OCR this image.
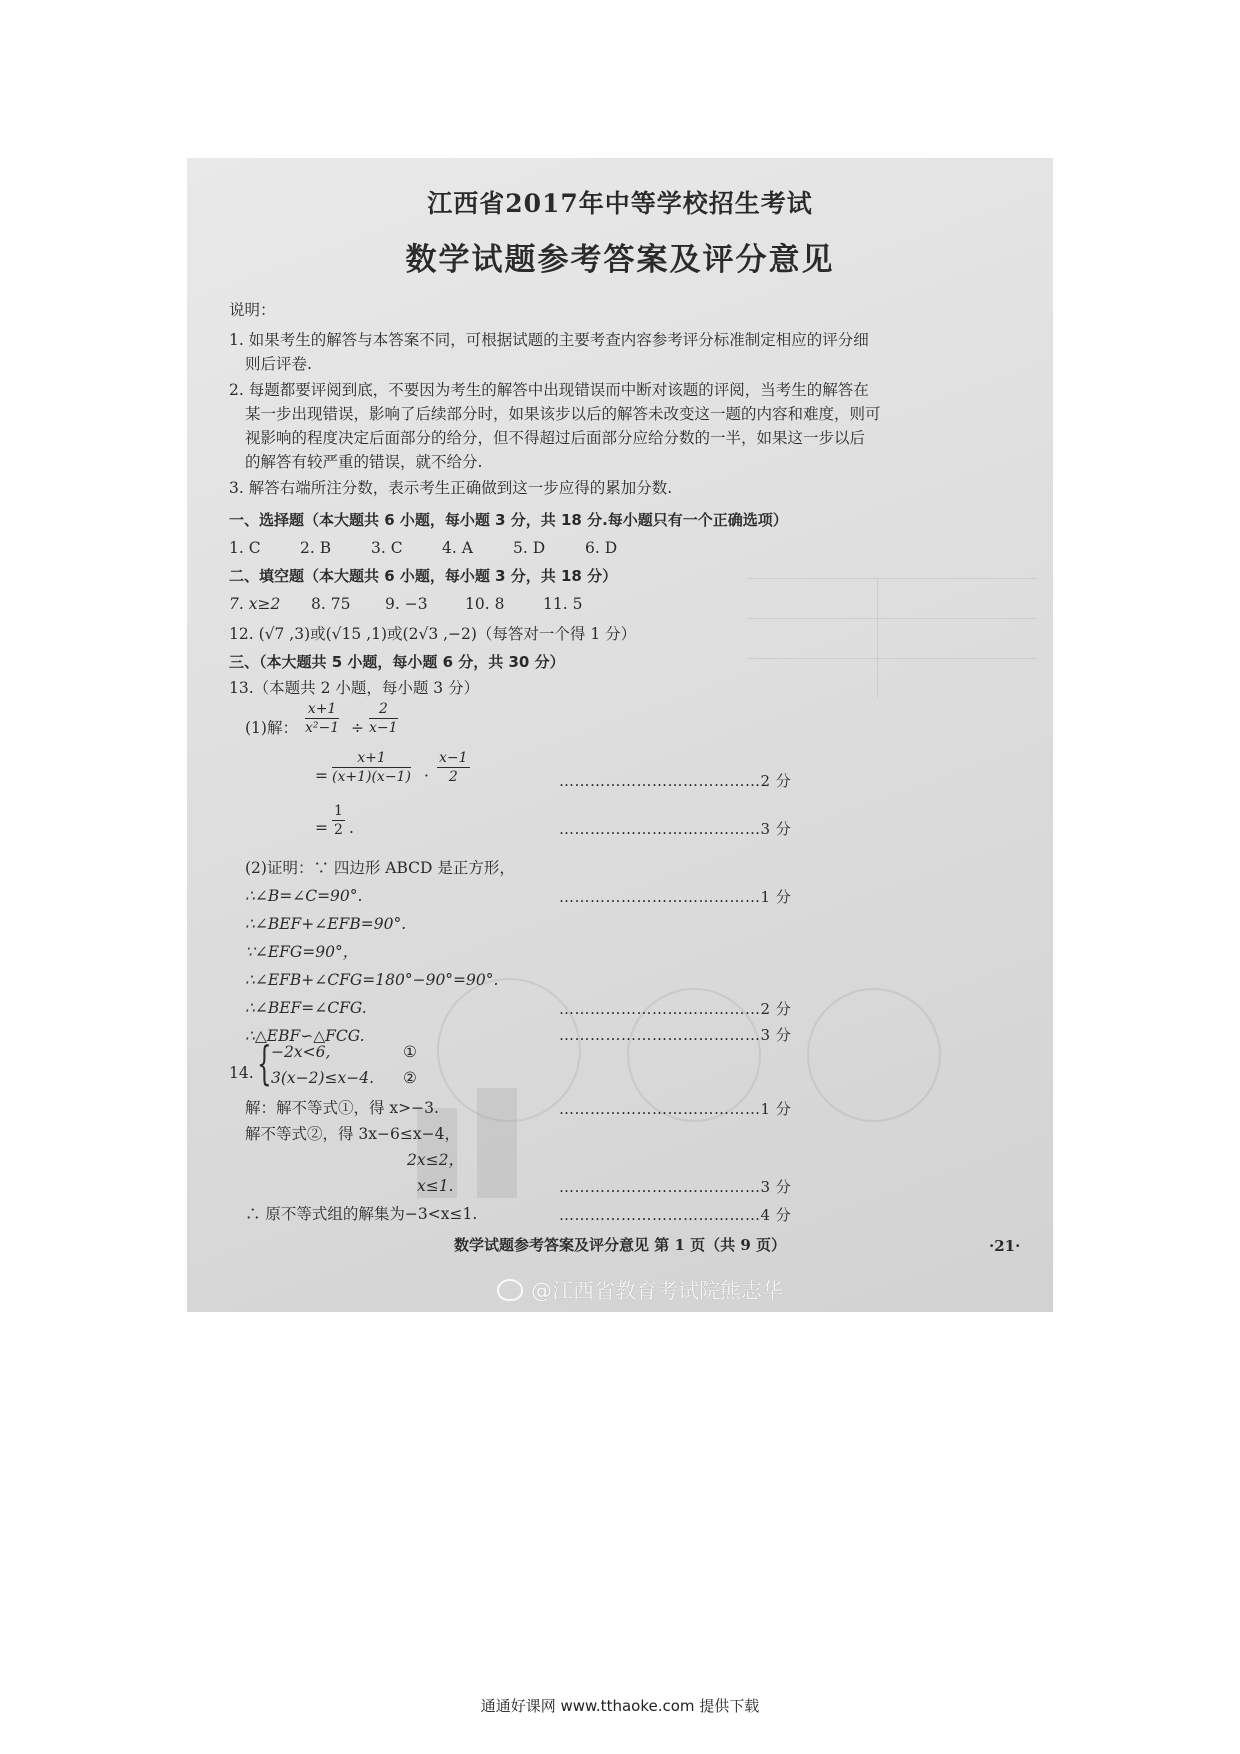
江西省2017年中等学校招生考试
数学试题参考答案及评分意见
说明：
1. 如果考生的解答与本答案不同，可根据试题的主要考查内容参考评分标准制定相应的评分细
则后评卷.
2. 每题都要评阅到底，不要因为考生的解答中出现错误而中断对该题的评阅，当考生的解答在
某一步出现错误，影响了后续部分时，如果该步以后的解答未改变这一题的内容和难度，则可
视影响的程度决定后面部分的给分，但不得超过后面部分应给分数的一半，如果这一步以后
的解答有较严重的错误，就不给分.
3. 解答右端所注分数，表示考生正确做到这一步应得的累加分数.
一、选择题（本大题共 6 小题，每小题 3 分，共 18 分.每小题只有一个正确选项）
1. C	2. B	3. C	4. A	5. D	6. D
二、填空题（本大题共 6 小题，每小题 3 分，共 18 分）
7. x≥2 8. 75 9. −3 10. 8 11. 5
12. (√7 ,3)或(√15 ,1)或(2√3 ,−2)（每答对一个得 1 分）
三、（本大题共 5 小题，每小题 6 分，共 30 分）
13.（本题共 2 小题，每小题 3 分）
(1)解： $\frac{x+1}{\text{x²−1}} \div \frac{2}{x-1}$
= $\frac{x+1}{(x+1)(x-1)} \cdot \frac{x-1}{2}$	…………………………………2 分
= $\frac{1}{2}$ .	…………………………………3 分
(2)证明：∵ 四边形 ABCD 是正方形，
∴∠B=∠C=90°.	…………………………………1 分
∴∠BEF+∠EFB=90°.
∵∠EFG=90°，
∴∠EFB+∠CFG=180°−90°=90°.
∴∠BEF=∠CFG.	…………………………………2 分
∴△EBF∽△FCG.	…………………………………3 分
14. { −2x<6,	①
3(x−2)≤x−4. ②
解：解不等式①，得 x>−3.	…………………………………1 分
解不等式②，得 3x−6≤x−4，
2x≤2，
x≤1.	…………………………………3 分
∴ 原不等式组的解集为−3<x≤1.	…………………………………4 分
数学试题参考答案及评分意见 第 1 页（共 9 页）	·21·
@江西省教育考试院熊志华
通通好课网 www.tthaoke.com 提供下载
